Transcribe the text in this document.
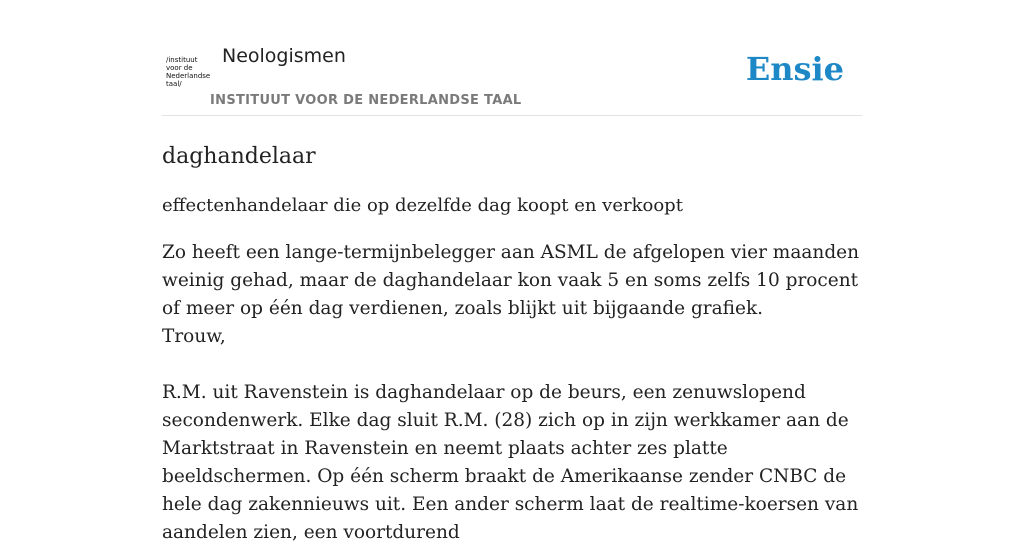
/instituut
voor de
Nederlandse
taal/
Neologismen
INSTITUUT VOOR DE NEDERLANDSE TAAL
Ensie
daghandelaar
effectenhandelaar die op dezelfde dag koopt en verkoopt

Zo heeft een lange-termijnbelegger aan ASML de afgelopen vier maanden weinig gehad, maar de daghandelaar kon vaak 5 en soms zelfs 10 procent of meer op één dag verdienen, zoals blijkt uit bijgaande grafiek.

Trouw,

R.M. uit Ravenstein is daghandelaar op de beurs, een zenuwslopend secondenwerk. Elke dag sluit R.M. (28) zich op in zijn werkkamer aan de Marktstraat in Ravenstein en neemt plaats achter zes platte beeldschermen. Op één scherm braakt de Amerikaanse zender CNBC de hele dag zakennieuws uit. Een ander scherm laat de realtime-koersen van aandelen zien, een voortdurend
